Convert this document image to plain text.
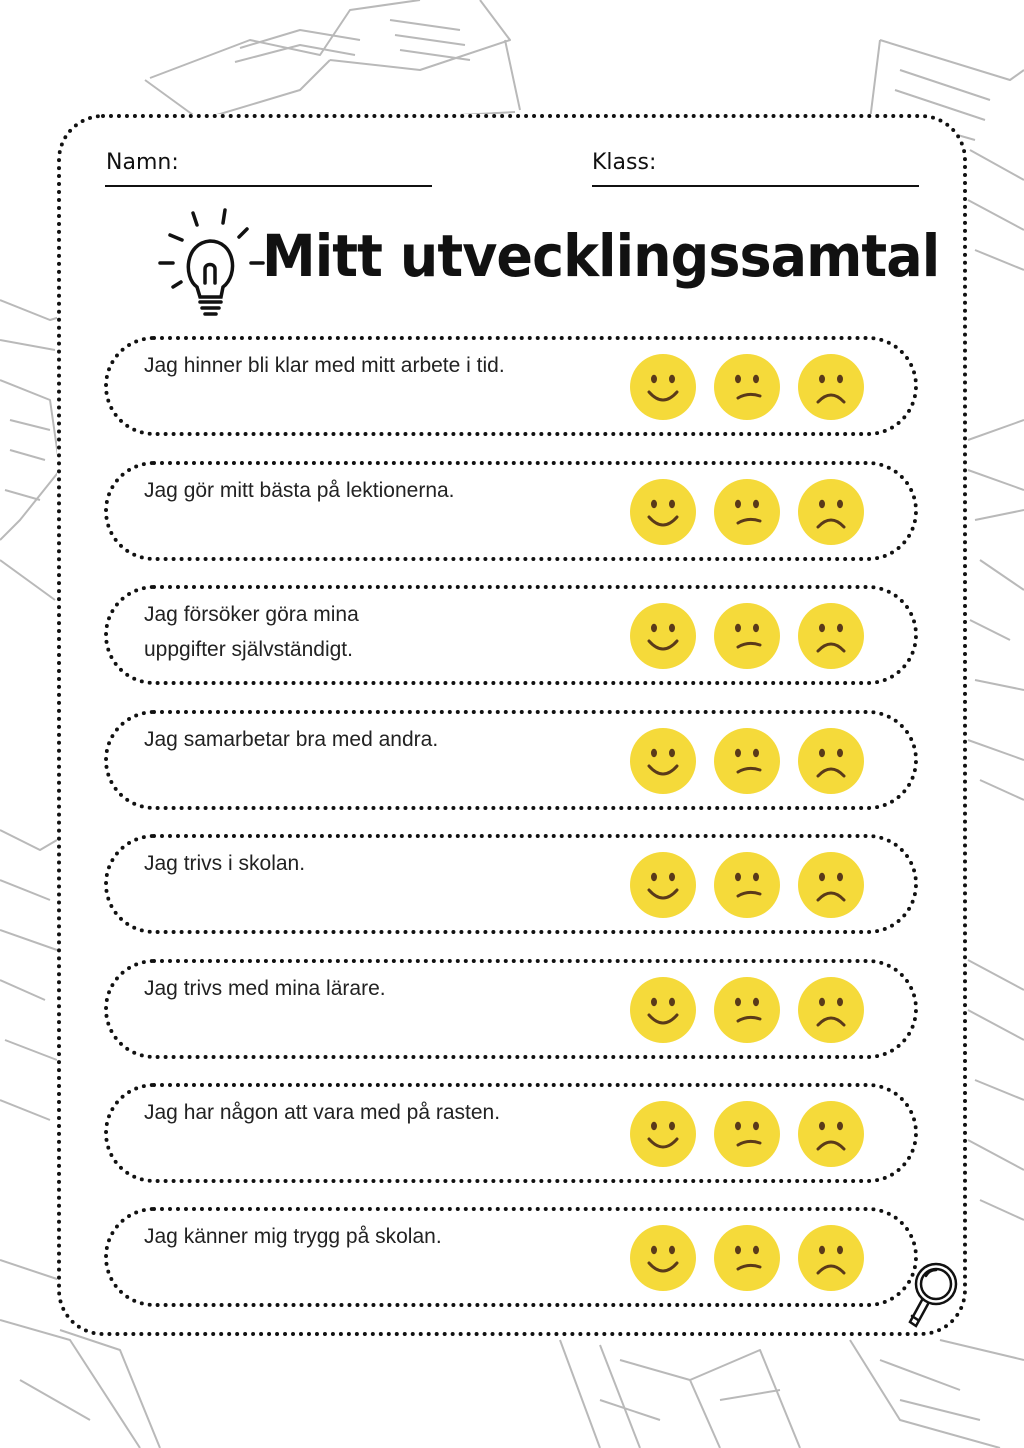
Namn:	Klass:
Mitt utvecklingssamtal
Jag hinner bli klar med mitt arbete i tid.
Jag gör mitt bästa på lektionerna.
Jag försöker göra mina
uppgifter självständigt.
Jag samarbetar bra med andra.
Jag trivs i skolan.
Jag trivs med mina lärare.
Jag har någon att vara med på rasten.
Jag känner mig trygg på skolan.
